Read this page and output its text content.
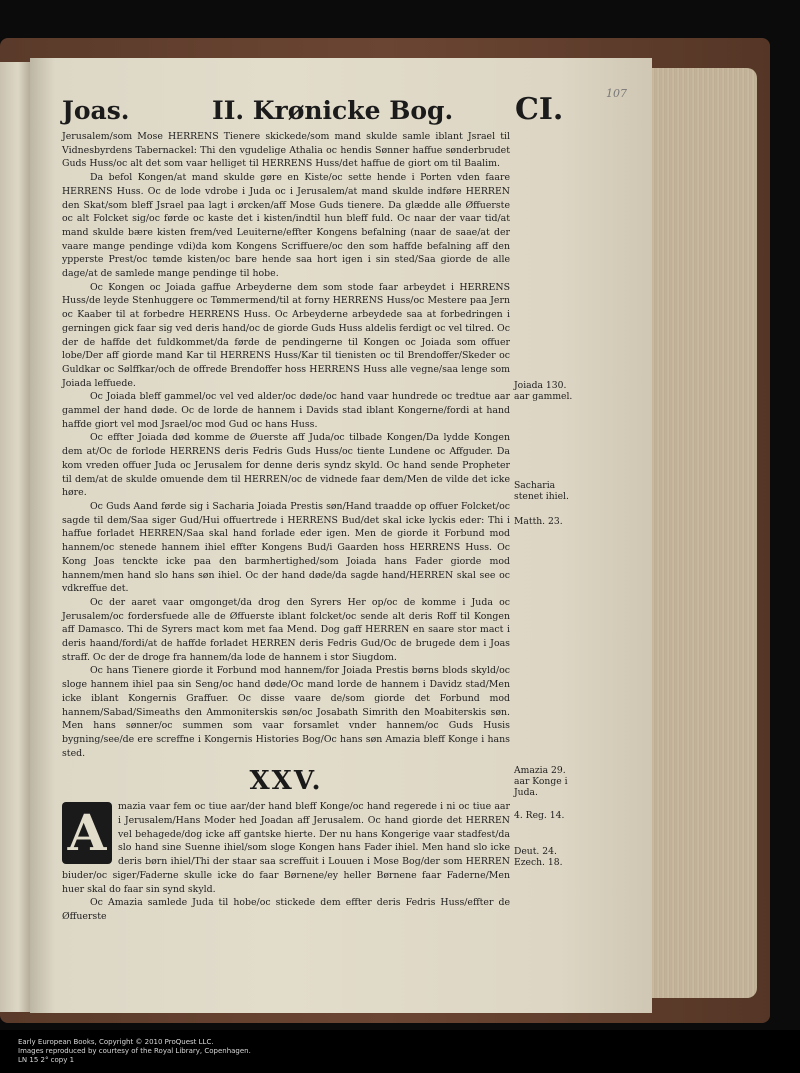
Joas.	II. Krønicke Bog. CI.	107

Jerusalem/som Mose HERRENS Tienere skickede/som mand skulde samle iblant Jsrael til Vidnesbyrdens Tabernackel: Thi den vgudelige Athalia oc hendis Sønner haffue sønderbrudet Guds Huss/oc alt det som vaar helliget til HERRENS Huss/det haffue de giort om til Baalim.

Da befol Kongen/at mand skulde gøre en Kiste/oc sette hende i Porten vden faare HERRENS Huss. Oc de lode vdrobe i Juda oc i Jerusalem/at mand skulde indføre HERREN den Skat/som bleff Jsrael paa lagt i ørcken/aff Mose Guds tienere. Da glædde alle Øffuerste oc alt Folcket sig/oc førde oc kaste det i kisten/indtil hun bleff fuld. Oc naar der vaar tid/at mand skulde bære kisten frem/ved Leuiterne/effter Kongens befalning (naar de saae/at der vaare mange pendinge vdi)da kom Kongens Scriffuere/oc den som haffde befalning aff den ypperste Prest/oc tømde kisten/oc bare hende saa hort igen i sin sted/Saa giorde de alle dage/at de samlede mange pendinge til hobe.

Oc Kongen oc Joiada gaffue Arbeyderne dem som stode faar arbeydet i HERRENS Huss/de leyde Stenhuggere oc Tømmermend/til at forny HERRENS Huss/oc Mestere paa Jern oc Kaaber til at forbedre HERRENS Huss. Oc Arbeyderne arbeydede saa at forbedringen i gerningen gick faar sig ved deris hand/oc de giorde Guds Huss aldelis ferdigt oc vel tilred. Oc der de haffde det fuldkommet/da førde de pendingerne til Kongen oc Joiada som offuer lobe/Der aff giorde mand Kar til HERRENS Huss/Kar til tienisten oc til Brendoffer/Skeder oc Guldkar oc Sølffkar/och de offrede Brendoffer hoss HERRENS Huss alle vegne/saa lenge som Joiada leffuede.

Oc Joiada bleff gammel/oc vel ved alder/oc døde/oc hand vaar hundrede oc tredtue aar gammel der hand døde. Oc de lorde de hannem i Davids stad iblant Kongerne/fordi at hand haffde giort vel mod Jsrael/oc mod Gud oc hans Huss.

Oc effter Joiada død komme de Øuerste aff Juda/oc tilbade Kongen/Da lydde Kongen dem at/Oc de forlode HERRENS deris Fedris Guds Huss/oc tiente Lundene oc Affguder. Da kom vreden offuer Juda oc Jerusalem for denne deris syndz skyld. Oc hand sende Propheter til dem/at de skulde omuende dem til HERREN/oc de vidnede faar dem/Men de vilde det icke høre.

Oc Guds Aand førde sig i Sacharia Joiada Prestis søn/Hand traadde op offuer Folcket/oc sagde til dem/Saa siger Gud/Hui offuertrede i HERRENS Bud/det skal icke lyckis eder: Thi i haffue forladet HERREN/Saa skal hand forlade eder igen. Men de giorde it Forbund mod hannem/oc stenede hannem ihiel effter Kongens Bud/i Gaarden hoss HERRENS Huss. Oc Kong Joas tenckte icke paa den barmhertighed/som Joiada hans Fader giorde mod hannem/men hand slo hans søn ihiel. Oc der hand døde/da sagde hand/HERREN skal see oc vdkreffue det.

Oc der aaret vaar omgonget/da drog den Syrers Her op/oc de komme i Juda oc Jerusalem/oc fordersfuede alle de Øffuerste iblant folcket/oc sende alt deris Roff til Kongen aff Damasco. Thi de Syrers mact kom met faa Mend. Dog gaff HERREN en saare stor mact i deris haand/fordi/at de haffde forladet HERREN deris Fedris Gud/Oc de brugede dem i Joas straff. Oc der de droge fra hannem/da lode de hannem i stor Siugdom.

Oc hans Tienere giorde it Forbund mod hannem/for Joiada Prestis børns blods skyld/oc sloge hannem ihiel paa sin Seng/oc hand døde/Oc mand lorde de hannem i Davidz stad/Men icke iblant Kongernis Graffuer. Oc disse vaare de/som giorde det Forbund mod hannem/Sabad/Simeaths den Ammoniterskis søn/oc Josabath Simrith den Moabiterskis søn. Men hans sønner/oc summen som vaar forsamlet vnder hannem/oc Guds Husis bygning/see/de ere screffne i Kongernis Histories Bog/Oc hans søn Amazia bleff Konge i hans sted.

XXV.
A	mazia vaar fem oc tiue aar/der hand bleff Konge/oc hand regerede i ni oc tiue aar i Jerusalem/Hans Moder hed Joadan aff Jerusalem. Oc hand giorde det HERREN vel behagede/dog icke aff gantske hierte. Der nu hans Kongerige vaar stadfest/da slo hand sine Suenne ihiel/som sloge Kongen hans Fader ihiel. Men hand slo icke deris børn ihiel/Thi der staar saa screffuit i Louuen i Mose Bog/der som HERREN biuder/oc siger/Faderne skulle icke do faar Børnene/ey heller Børnene faar Faderne/Men huer skal do faar sin synd skyld.

Oc Amazia samlede Juda til hobe/oc stickede dem effter deris Fedris Huss/effter de Øffuerste

Joiada 130. aar gammel.
Sacharia stenet ihiel.
Matth. 23.
Amazia 29. aar Konge i Juda.
4. Reg. 14.
Deut. 24. Ezech. 18.
Early European Books, Copyright © 2010 ProQuest LLC.
Images reproduced by courtesy of the Royal Library, Copenhagen.
LN 15 2° copy 1
